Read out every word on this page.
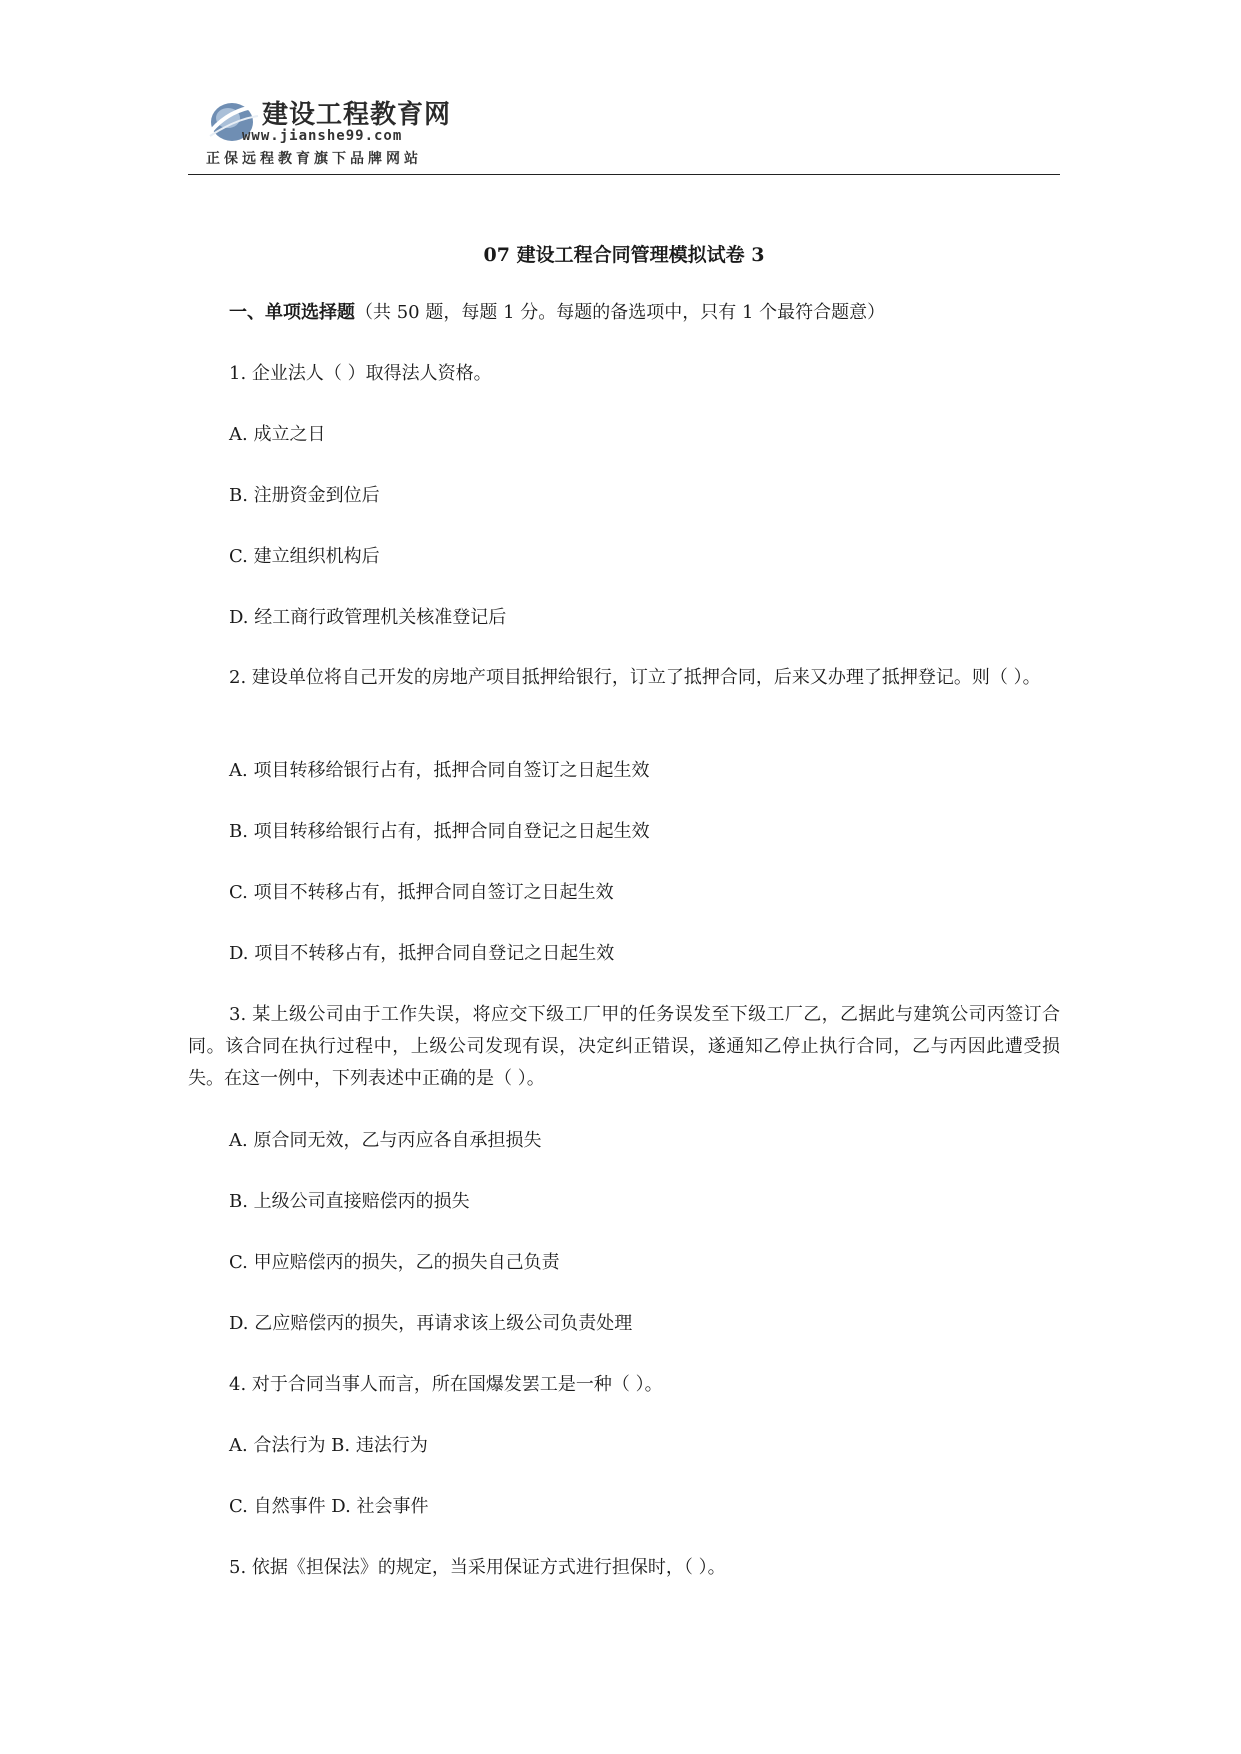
建设工程教育网
www.jianshe99.com
正保远程教育旗下品牌网站
07 建设工程合同管理模拟试卷 3
一、单项选择题（共 50 题，每题 1 分。每题的备选项中，只有 1 个最符合题意）
1. 企业法人（ ）取得法人资格。
A. 成立之日
B. 注册资金到位后
C. 建立组织机构后
D. 经工商行政管理机关核准登记后
2. 建设单位将自己开发的房地产项目抵押给银行，订立了抵押合同，后来又办理了抵押登记。则（ ）。
A. 项目转移给银行占有，抵押合同自签订之日起生效
B. 项目转移给银行占有，抵押合同自登记之日起生效
C. 项目不转移占有，抵押合同自签订之日起生效
D. 项目不转移占有，抵押合同自登记之日起生效
3. 某上级公司由于工作失误，将应交下级工厂甲的任务误发至下级工厂乙，乙据此与建筑公司丙签订合同。该合同在执行过程中，上级公司发现有误，决定纠正错误，遂通知乙停止执行合同，乙与丙因此遭受损失。在这一例中，下列表述中正确的是（ ）。
A. 原合同无效，乙与丙应各自承担损失
B. 上级公司直接赔偿丙的损失
C. 甲应赔偿丙的损失，乙的损失自己负责
D. 乙应赔偿丙的损失，再请求该上级公司负责处理
4. 对于合同当事人而言，所在国爆发罢工是一种（ ）。
A. 合法行为 B. 违法行为
C. 自然事件 D. 社会事件
5. 依据《担保法》的规定，当采用保证方式进行担保时，（ ）。
